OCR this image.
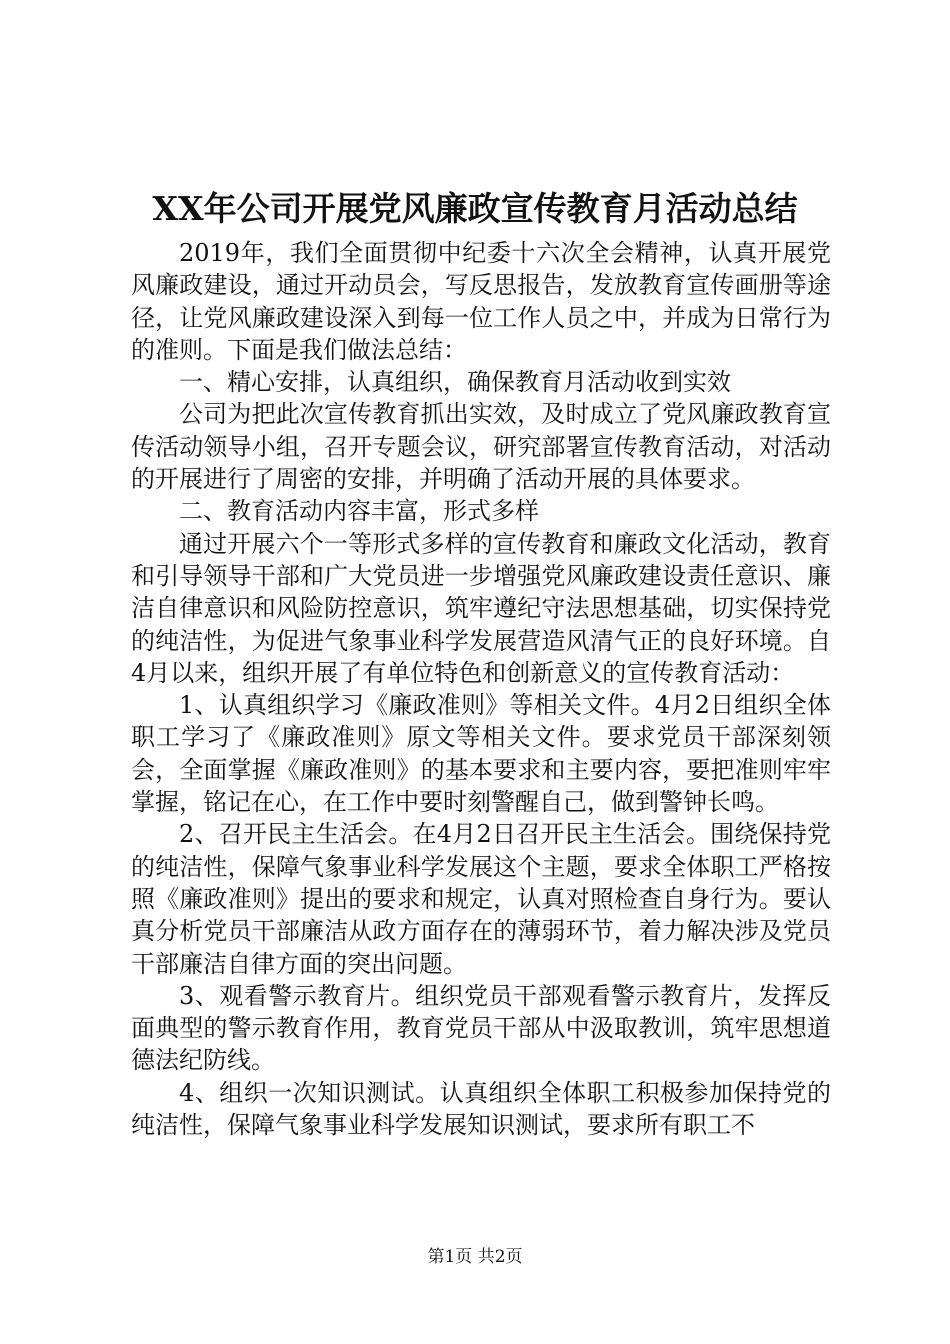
XX年公司开展党风廉政宣传教育月活动总结

2019年，我们全面贯彻中纪委十六次全会精神，认真开展党风廉政建设，通过开动员会，写反思报告，发放教育宣传画册等途径，让党风廉政建设深入到每一位工作人员之中，并成为日常行为的准则。下面是我们做法总结：

一、精心安排，认真组织，确保教育月活动收到实效

公司为把此次宣传教育抓出实效，及时成立了党风廉政教育宣传活动领导小组，召开专题会议，研究部署宣传教育活动，对活动的开展进行了周密的安排，并明确了活动开展的具体要求。

二、教育活动内容丰富，形式多样

通过开展六个一等形式多样的宣传教育和廉政文化活动，教育和引导领导干部和广大党员进一步增强党风廉政建设责任意识、廉洁自律意识和风险防控意识，筑牢遵纪守法思想基础，切实保持党的纯洁性，为促进气象事业科学发展营造风清气正的良好环境。自4月以来，组织开展了有单位特色和创新意义的宣传教育活动：

1、认真组织学习《廉政准则》等相关文件。4月2日组织全体职工学习了《廉政准则》原文等相关文件。要求党员干部深刻领会，全面掌握《廉政准则》的基本要求和主要内容，要把准则牢牢掌握，铭记在心，在工作中要时刻警醒自己，做到警钟长鸣。

2、召开民主生活会。在4月2日召开民主生活会。围绕保持党的纯洁性，保障气象事业科学发展这个主题，要求全体职工严格按照《廉政准则》提出的要求和规定，认真对照检查自身行为。要认真分析党员干部廉洁从政方面存在的薄弱环节，着力解决涉及党员干部廉洁自律方面的突出问题。

3、观看警示教育片。组织党员干部观看警示教育片，发挥反面典型的警示教育作用，教育党员干部从中汲取教训，筑牢思想道德法纪防线。

4、组织一次知识测试。认真组织全体职工积极参加保持党的纯洁性，保障气象事业科学发展知识测试，要求所有职工不

第1页 共2页
